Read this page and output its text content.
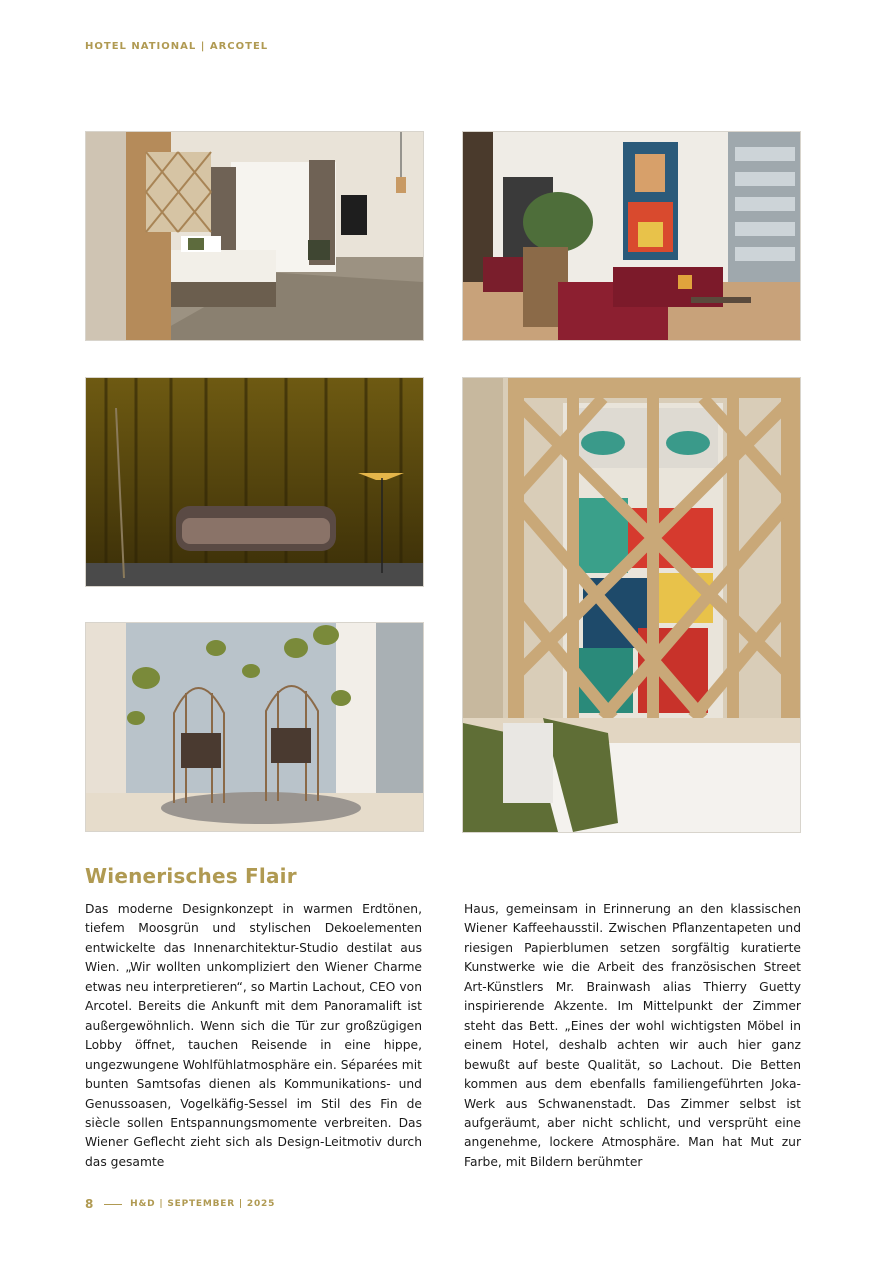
HOTEL NATIONAL | ARCOTEL
Wienerisches Flair
Das moderne Designkonzept in warmen Erdtönen, tiefem Moosgrün und stylischen Dekoelementen entwickelte das Innenarchitektur-Studio destilat aus Wien. „Wir wollten unkompliziert den Wiener Charme etwas neu interpretieren“, so Martin Lachout, CEO von Arcotel. Bereits die Ankunft mit dem Panoramalift ist außergewöhnlich. Wenn sich die Tür zur großzügigen Lobby öffnet, tauchen Reisende in eine hippe, ungezwungene Wohlfühlatmosphäre ein. Séparées mit bunten Samtsofas dienen als Kommunikations- und Genussoasen, Vogelkäfig-Sessel im Stil des Fin de siècle sollen Entspannungsmomente verbreiten. Das Wiener Geflecht zieht sich als Design-Leitmotiv durch das gesamte
Haus, gemeinsam in Erinnerung an den klassischen Wiener Kaffeehausstil. Zwischen Pflanzentapeten und riesigen Papierblumen setzen sorgfältig kuratierte Kunstwerke wie die Arbeit des französischen Street Art-Künstlers Mr. Brainwash alias Thierry Guetty inspirierende Akzente. Im Mittelpunkt der Zimmer steht das Bett. „Eines der wohl wichtigsten Möbel in einem Hotel, deshalb achten wir auch hier ganz bewußt auf beste Qualität, so Lachout. Die Betten kommen aus dem ebenfalls familiengeführten Joka-Werk aus Schwanenstadt. Das Zimmer selbst ist aufgeräumt, aber nicht schlicht, und versprüht eine angenehme, lockere Atmosphäre. Man hat Mut zur Farbe, mit Bildern berühmter
8	H&D | SEPTEMBER | 2025
